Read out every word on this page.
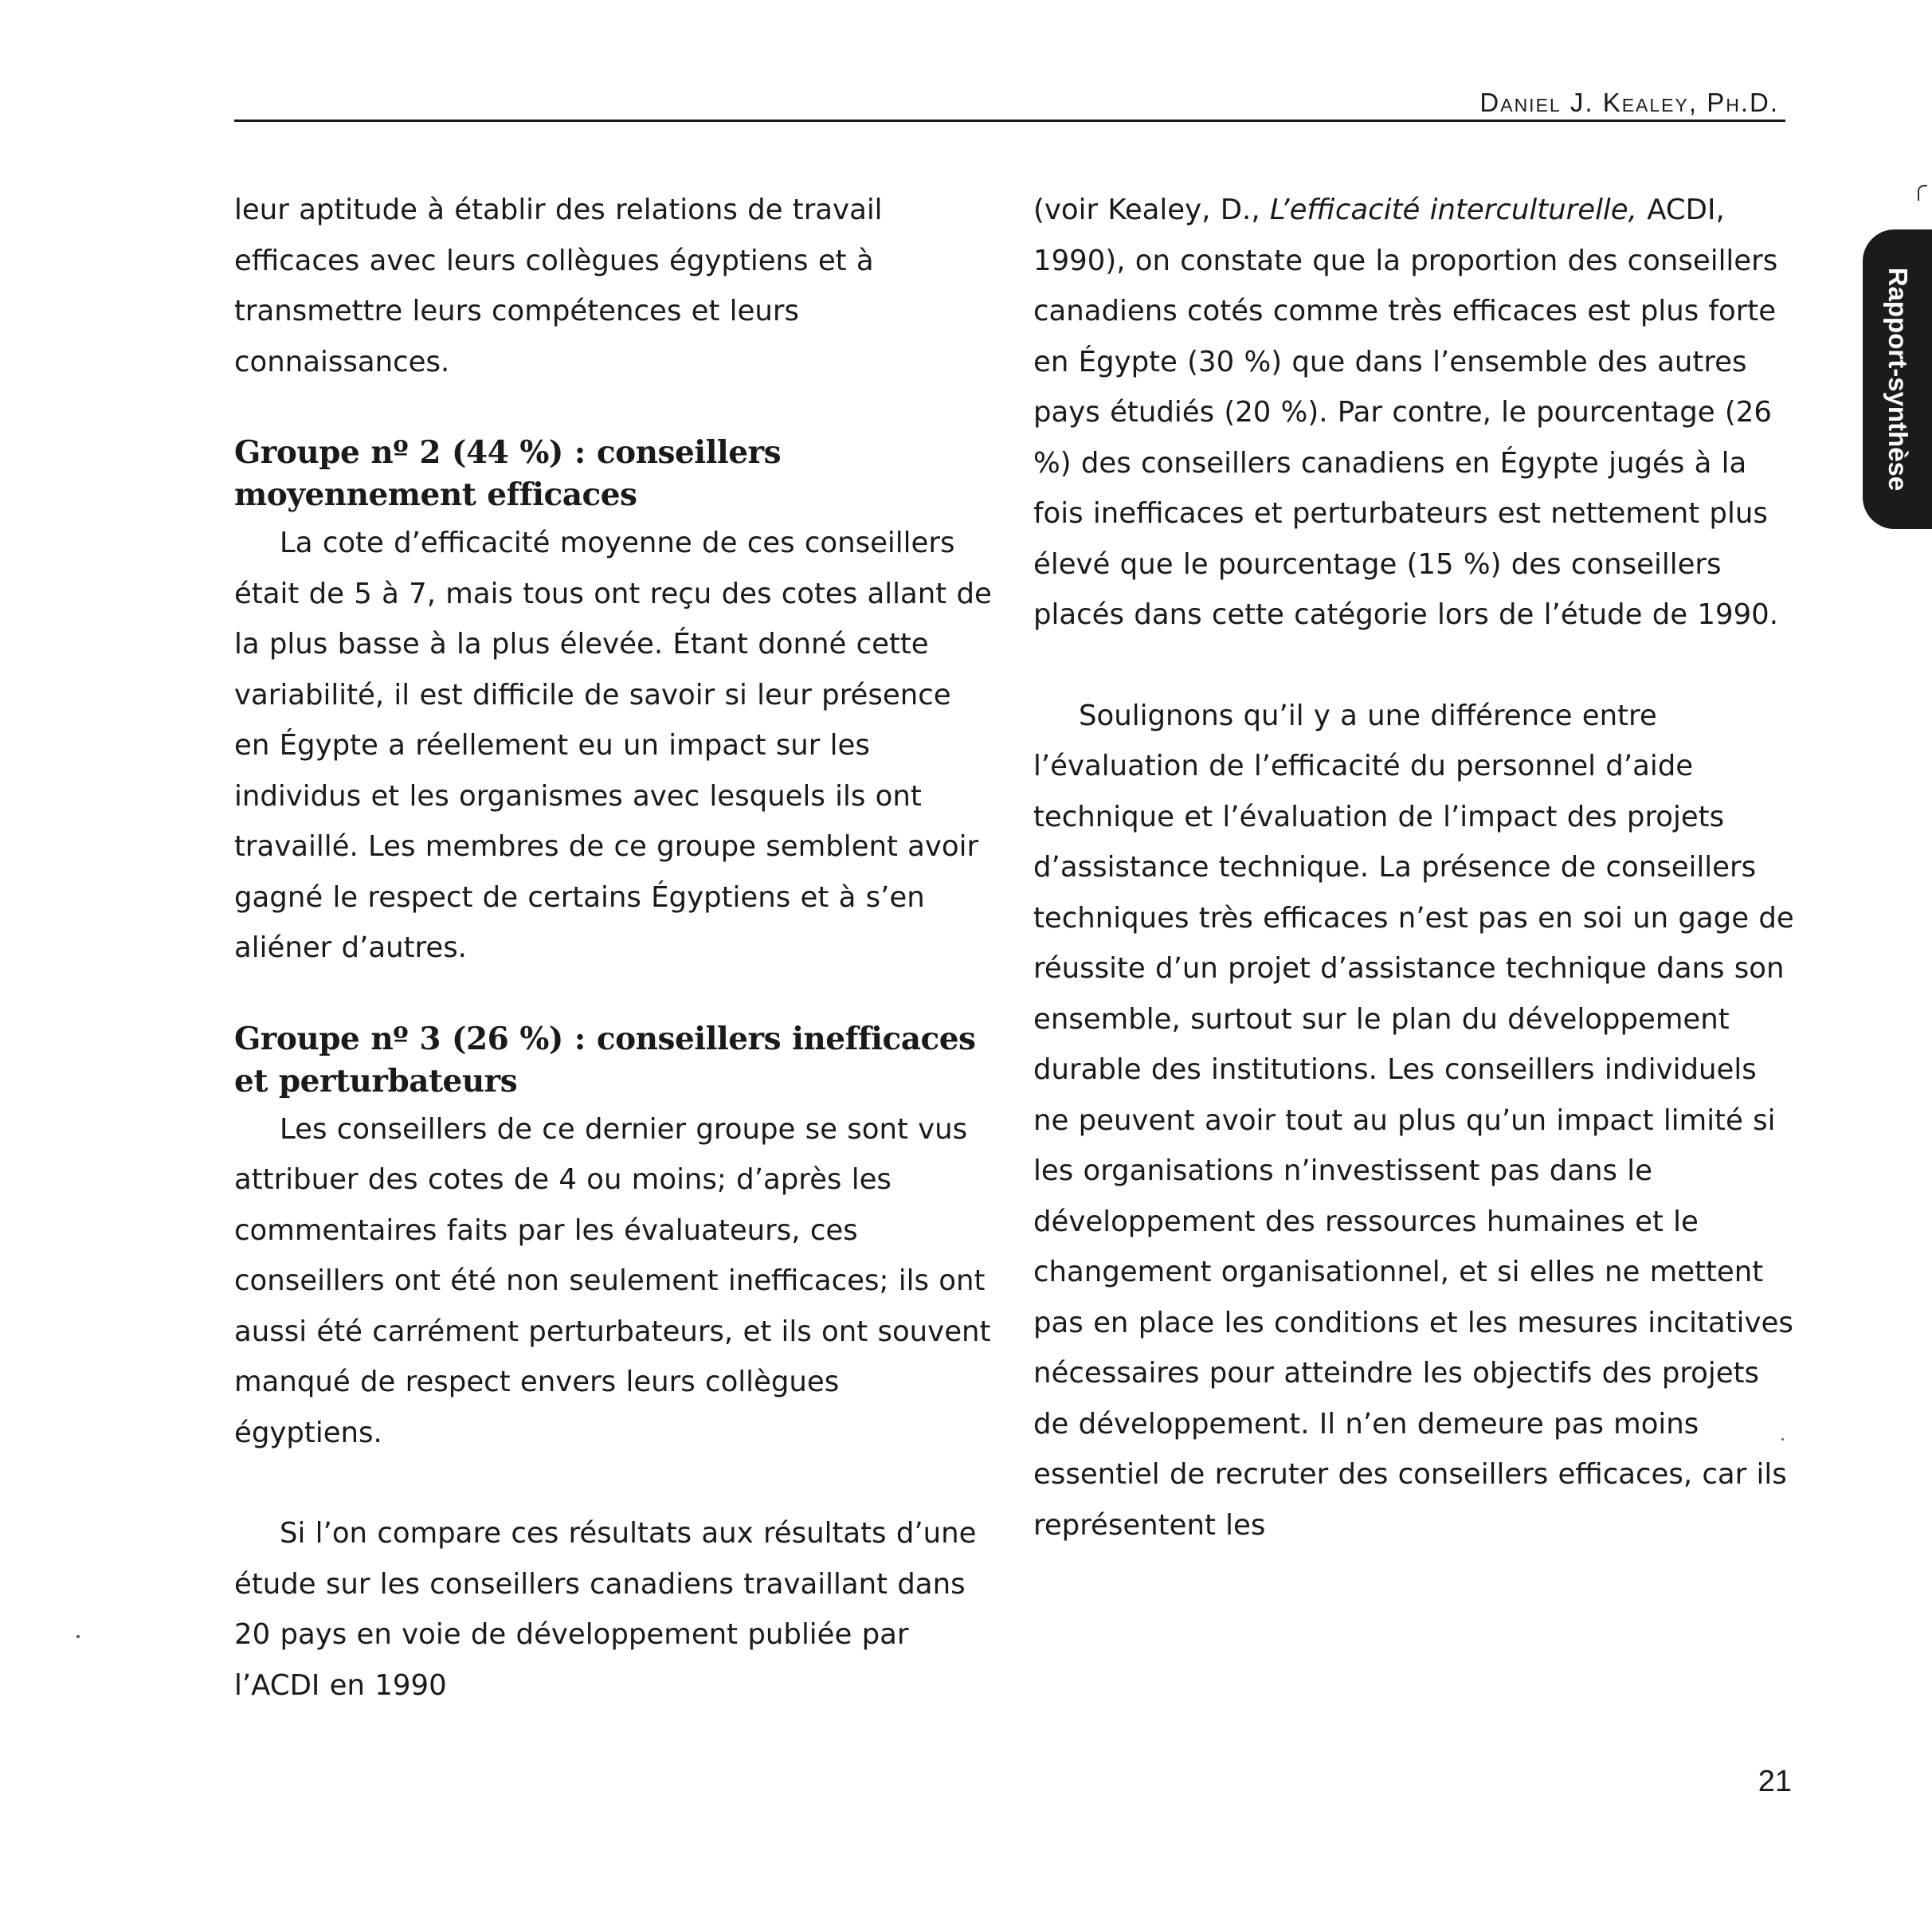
Daniel J. Kealey, Ph.D.
Rapport-synthèse

leur aptitude à établir des relations de travail efficaces avec leurs collègues égyptiens et à transmettre leurs compétences et leurs connaissances.

Groupe nº 2 (44 %) : conseillers moyennement efficaces

La cote d’efficacité moyenne de ces conseillers était de 5 à 7, mais tous ont reçu des cotes allant de la plus basse à la plus élevée. Étant donné cette variabilité, il est difficile de savoir si leur présence en Égypte a réellement eu un impact sur les individus et les organismes avec lesquels ils ont travaillé. Les membres de ce groupe semblent avoir gagné le respect de certains Égyptiens et à s’en aliéner d’autres.

Groupe nº 3 (26 %) : conseillers inefficaces et perturbateurs

Les conseillers de ce dernier groupe se sont vus attribuer des cotes de 4 ou moins; d’après les commentaires faits par les évaluateurs, ces conseillers ont été non seulement inefficaces; ils ont aussi été carrément perturbateurs, et ils ont souvent manqué de respect envers leurs collègues égyptiens.

Si l’on compare ces résultats aux résultats d’une étude sur les conseillers canadiens travaillant dans 20 pays en voie de développement publiée par l’ACDI en 1990

(voir Kealey, D., L’efficacité interculturelle, ACDI, 1990), on constate que la proportion des conseillers canadiens cotés comme très efficaces est plus forte en Égypte (30 %) que dans l’ensemble des autres pays étudiés (20 %). Par contre, le pourcentage (26 %) des conseillers canadiens en Égypte jugés à la fois inefficaces et perturbateurs est nettement plus élevé que le pourcentage (15 %) des conseillers placés dans cette catégorie lors de l’étude de 1990.

Soulignons qu’il y a une différence entre l’évaluation de l’efficacité du personnel d’aide technique et l’évaluation de l’impact des projets d’assistance technique. La présence de conseillers techniques très efficaces n’est pas en soi un gage de réussite d’un projet d’assistance technique dans son ensemble, surtout sur le plan du développement durable des institutions. Les conseillers individuels ne peuvent avoir tout au plus qu’un impact limité si les organisations n’investissent pas dans le développement des ressources humaines et le changement organisationnel, et si elles ne mettent pas en place les conditions et les mesures incitatives nécessaires pour atteindre les objectifs des projets de développement. Il n’en demeure pas moins essentiel de recruter des conseillers efficaces, car ils représentent les

21
